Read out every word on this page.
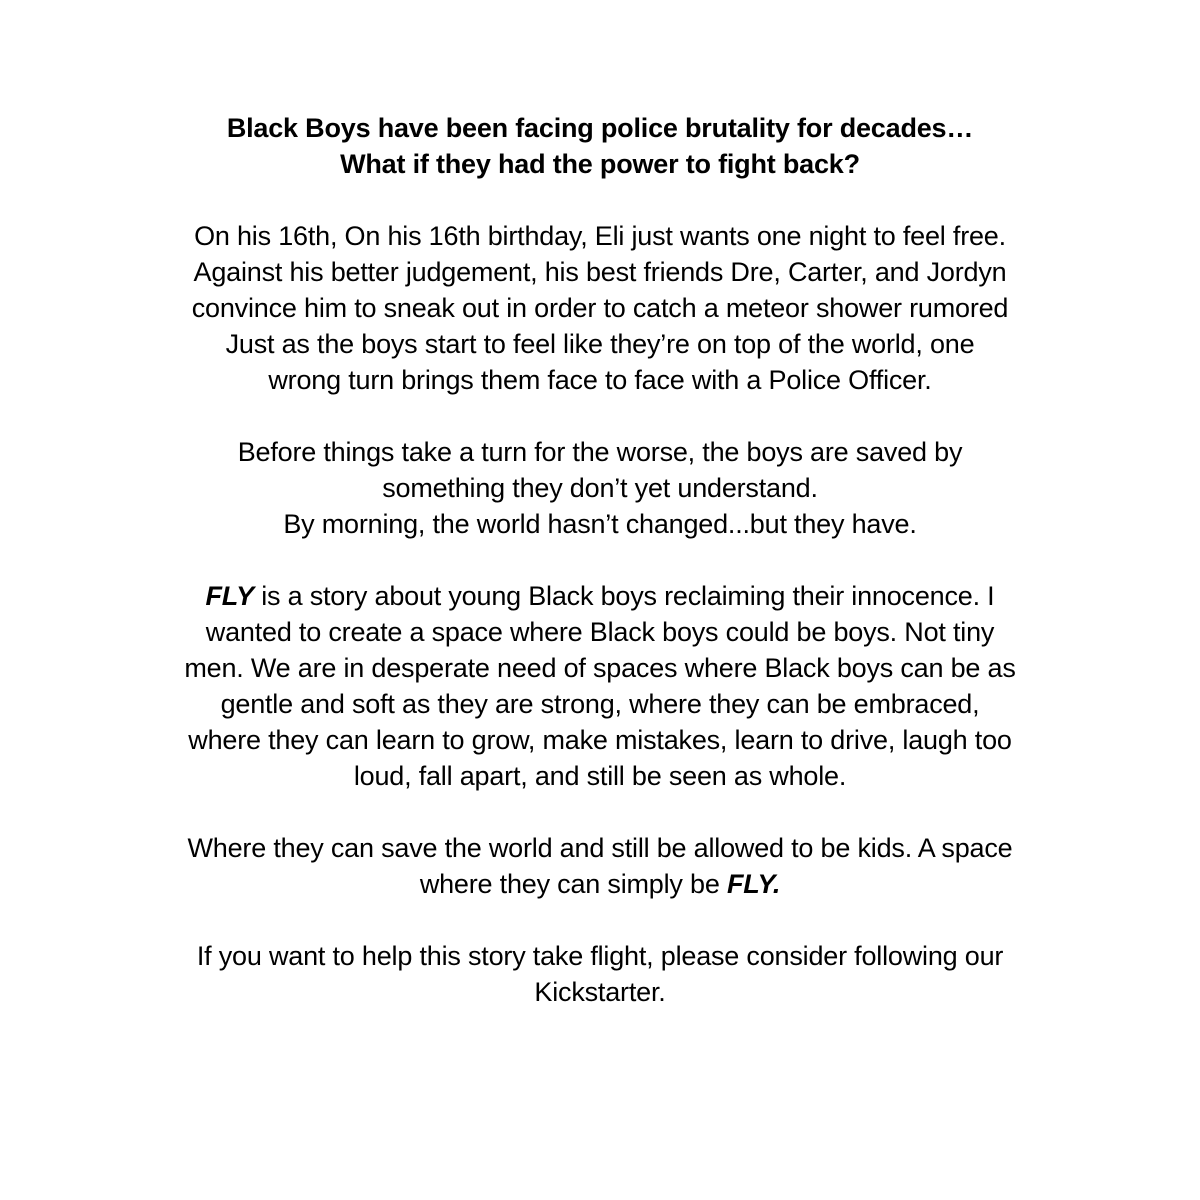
Black Boys have been facing police brutality for decades…
What if they had the power to fight back?

On his 16th, On his 16th birthday, Eli just wants one night to feel free.
Against his better judgement, his best friends Dre, Carter, and Jordyn
convince him to sneak out in order to catch a meteor shower rumored
Just as the boys start to feel like they’re on top of the world, one
wrong turn brings them face to face with a Police Officer.

Before things take a turn for the worse, the boys are saved by
something they don’t yet understand.
By morning, the world hasn’t changed...but they have.

FLY is a story about young Black boys reclaiming their innocence. I
wanted to create a space where Black boys could be boys. Not tiny
men. We are in desperate need of spaces where Black boys can be as
gentle and soft as they are strong, where they can be embraced,
where they can learn to grow, make mistakes, learn to drive, laugh too
loud, fall apart, and still be seen as whole.

Where they can save the world and still be allowed to be kids. A space
where they can simply be FLY.

If you want to help this story take flight, please consider following our
Kickstarter.
